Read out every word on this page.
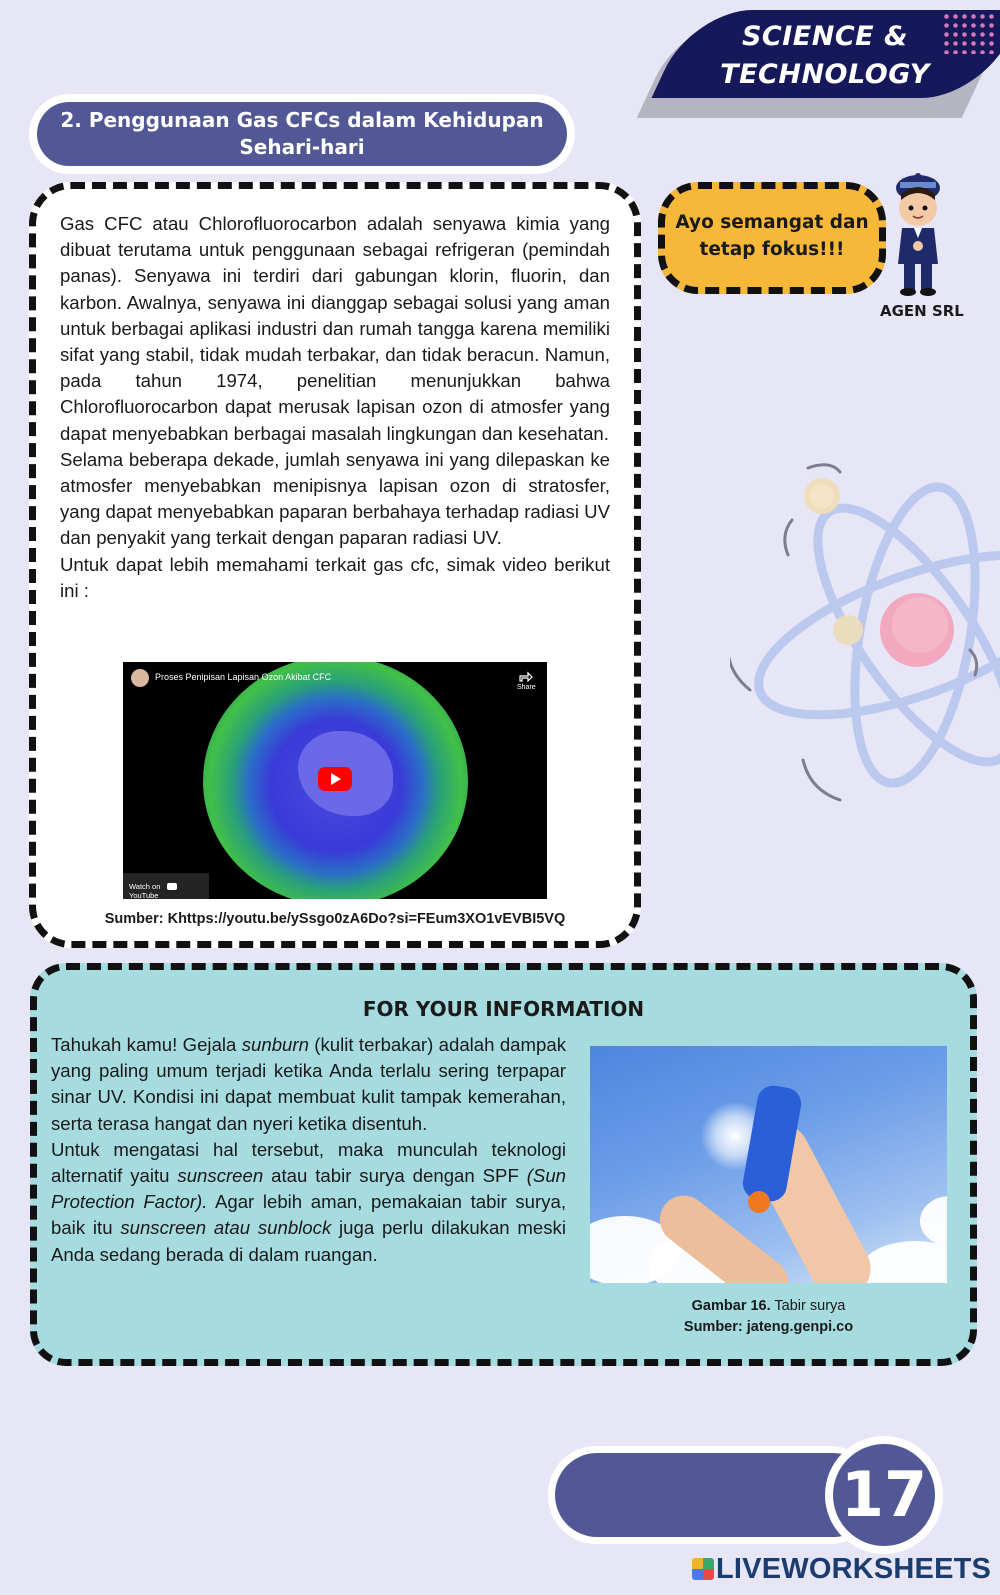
SCIENCE &
TECHNOLOGY
2. Penggunaan Gas CFCs dalam Kehidupan
Sehari-hari

Gas CFC atau Chlorofluorocarbon adalah senyawa kimia yang dibuat terutama untuk penggunaan sebagai refrigeran (pemindah panas). Senyawa ini terdiri dari gabungan klorin, fluorin, dan karbon. Awalnya, senyawa ini dianggap sebagai solusi yang aman untuk berbagai aplikasi industri dan rumah tangga karena memiliki sifat yang stabil, tidak mudah terbakar, dan tidak beracun. Namun, pada tahun 1974, penelitian menunjukkan bahwa Chlorofluorocarbon dapat merusak lapisan ozon di atmosfer yang dapat menyebabkan berbagai masalah lingkungan dan kesehatan.

Selama beberapa dekade, jumlah senyawa ini yang dilepaskan ke atmosfer menyebabkan menipisnya lapisan ozon di stratosfer, yang dapat menyebabkan paparan berbahaya terhadap radiasi UV dan penyakit yang terkait dengan paparan radiasi UV.

Untuk dapat lebih memahami terkait gas cfc, simak video berikut ini :

Proses Penipisan Lapisan Ozon Akibat CFC
Share
Watch on  YouTube
Sumber: Khttps://youtu.be/ySsgo0zA6Do?si=FEum3XO1vEVBI5VQ
Ayo semangat dan
tetap fokus!!!
AGEN SRL
FOR YOUR INFORMATION

Tahukah kamu! Gejala sunburn (kulit terbakar) adalah dampak yang paling umum terjadi ketika Anda terlalu sering terpapar sinar UV. Kondisi ini dapat membuat kulit tampak kemerahan, serta terasa hangat dan nyeri ketika disentuh.

Untuk mengatasi hal tersebut, maka munculah teknologi alternatif yaitu sunscreen atau tabir surya dengan SPF (Sun Protection Factor). Agar lebih aman, pemakaian tabir surya, baik itu sunscreen atau sunblock juga perlu dilakukan meski Anda sedang berada di dalam ruangan.

Gambar 16. Tabir surya
Sumber: jateng.genpi.co
17
LIVEWORKSHEETS
